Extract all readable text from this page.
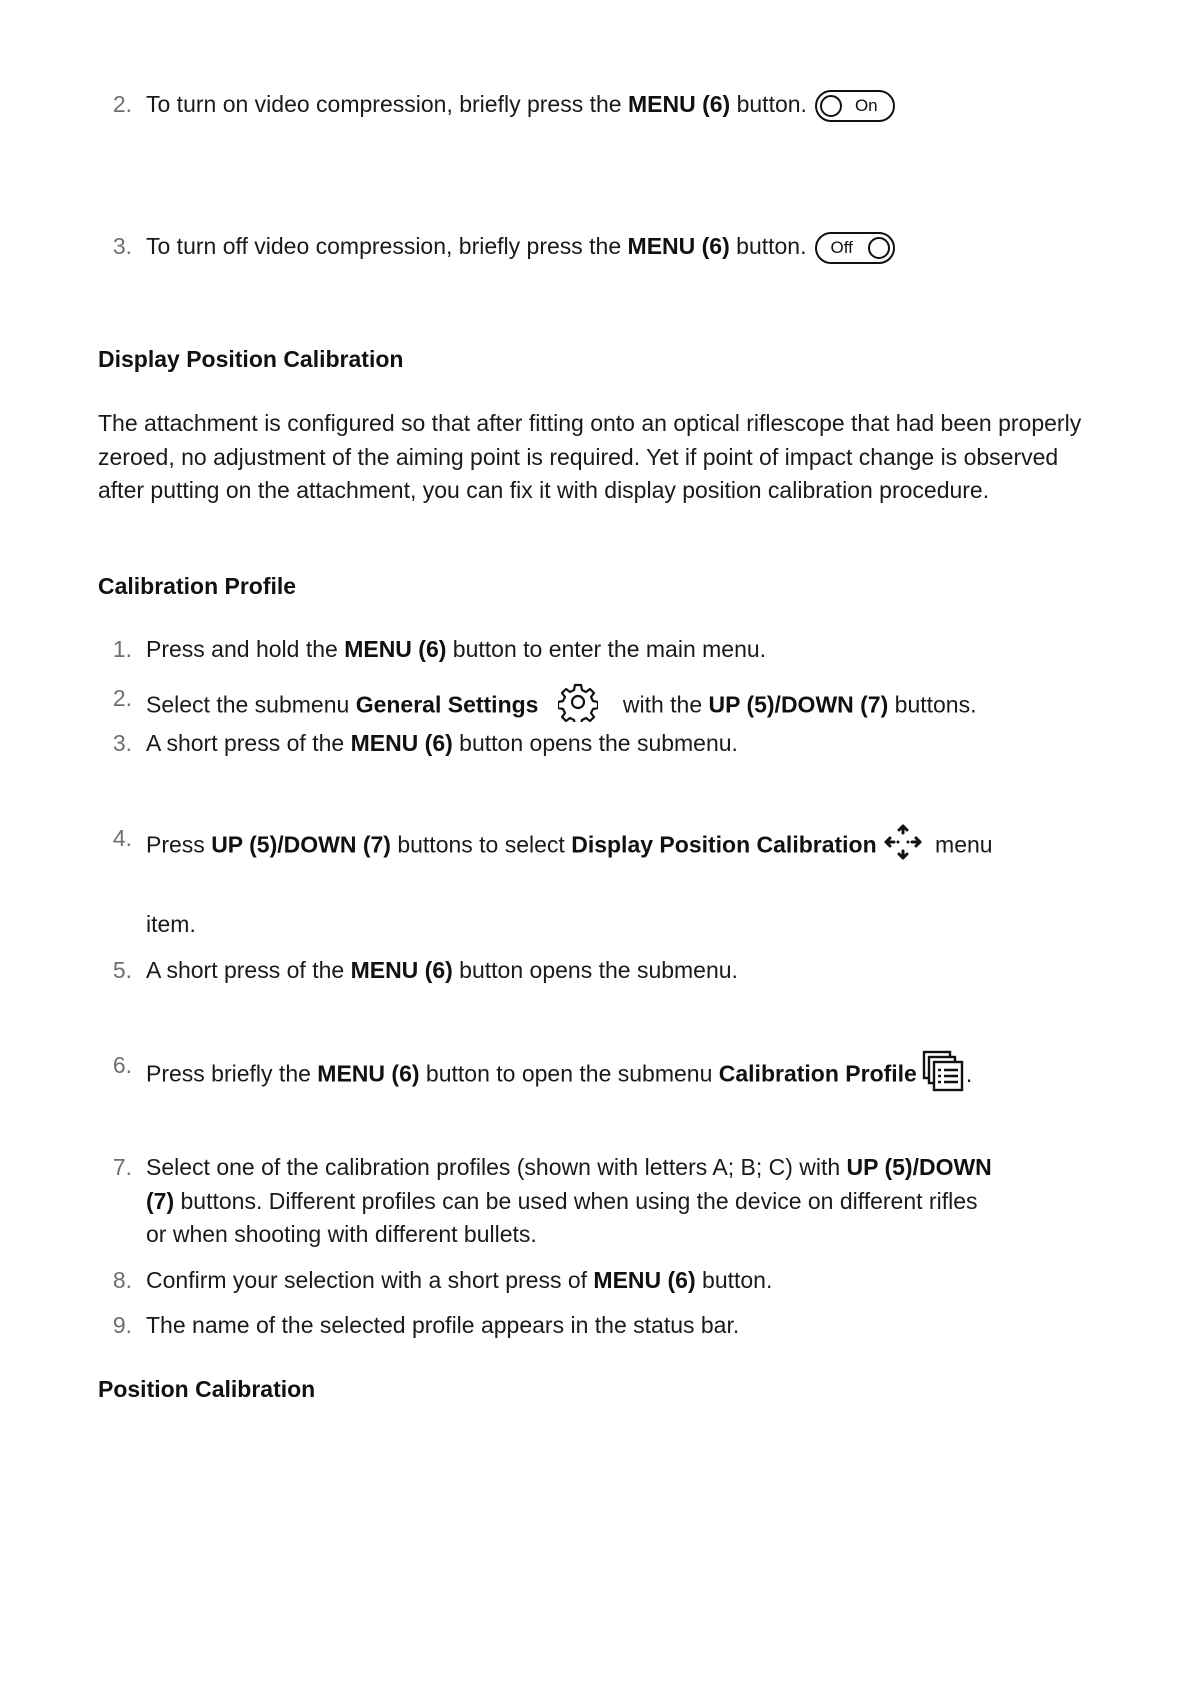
2. To turn on video compression, briefly press the MENU (6) button.	On
3. To turn off video compression, briefly press the MENU (6) button. Off
Display Position Calibration
The attachment is configured so that after fitting onto an optical riflescope that had been properly zeroed, no adjustment of the aiming point is required. Yet if point of impact change is observed after putting on the attachment, you can fix it with display position calibration procedure.
Calibration Profile
1. Press and hold the MENU (6) button to enter the main menu.
2. Select the submenu General Settings	with the UP (5)/DOWN (7) buttons.
3. A short press of the MENU (6) button opens the submenu.
4. Press UP (5)/DOWN (7) buttons to select Display Position Calibration menu
item.
5. A short press of the MENU (6) button opens the submenu.
6. Press briefly the MENU (6) button to open the submenu Calibration Profile .
7. Select one of the calibration profiles (shown with letters A; B; C) with UP (5)/DOWN
(7) buttons. Different profiles can be used when using the device on different rifles
or when shooting with different bullets.
8. Confirm your selection with a short press of MENU (6) button.
9. The name of the selected profile appears in the status bar.
Position Calibration
